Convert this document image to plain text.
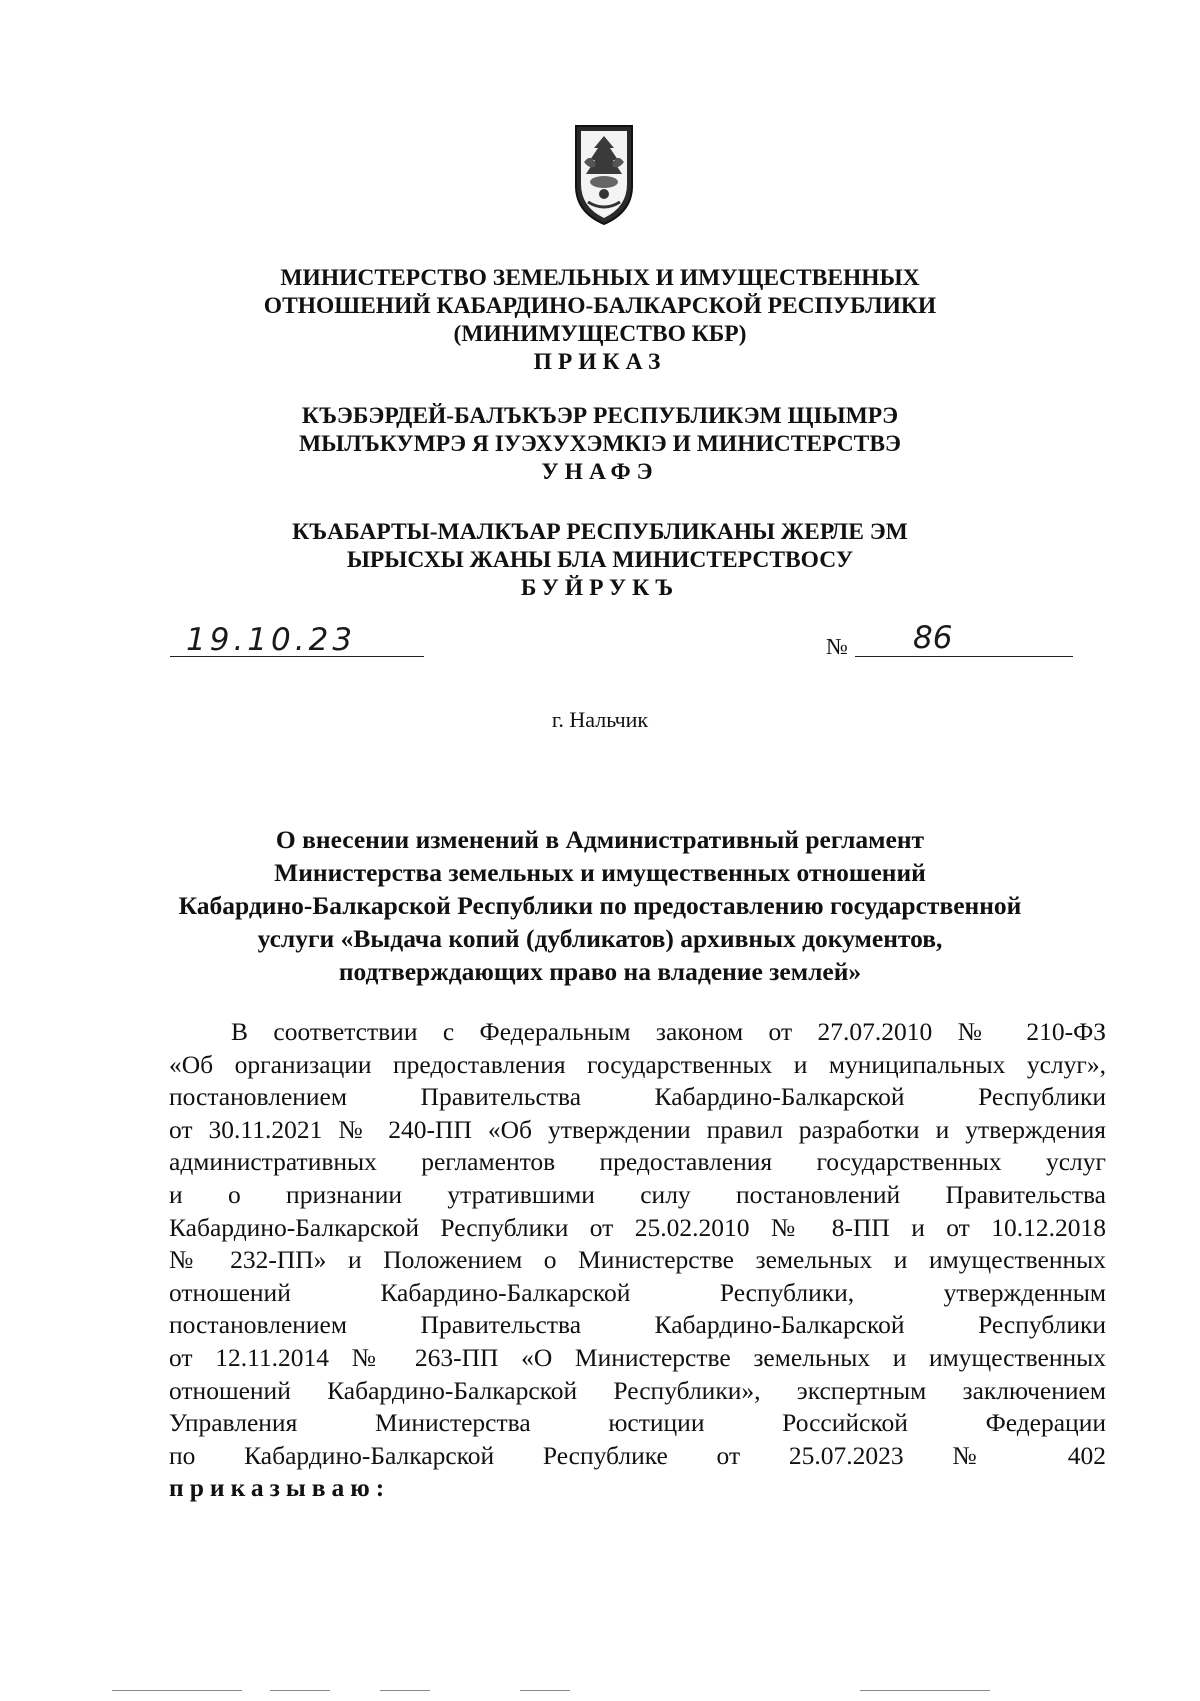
МИНИСТЕРСТВО ЗЕМЕЛЬНЫХ И ИМУЩЕСТВЕННЫХ
ОТНОШЕНИЙ КАБАРДИНО-БАЛКАРСКОЙ РЕСПУБЛИКИ
(МИНИМУЩЕСТВО КБР)
ПРИКАЗ
КЪЭБЭРДЕЙ-БАЛЪКЪЭР РЕСПУБЛИКЭМ ЩIЫМРЭ
МЫЛЪКУМРЭ Я IУЭХУХЭМКIЭ И МИНИСТЕРСТВЭ
УНАФЭ
КЪАБАРТЫ-МАЛКЪАР РЕСПУБЛИКАНЫ ЖЕРЛЕ ЭМ
ЫРЫСХЫ ЖАНЫ БЛА МИНИСТЕРСТВОСУ
БУЙРУКЪ
19.10.23	№ 86
г. Нальчик
О внесении изменений в Административный регламент
Министерства земельных и имущественных отношений
Кабардино-Балкарской Республики по предоставлению государственной
услуги «Выдача копий (дубликатов) архивных документов,
подтверждающих право на владение землей»
В соответствии с Федеральным законом от 27.07.2010 № 210-ФЗ
«Об организации предоставления государственных и муниципальных услуг»,
постановлением Правительства Кабардино-Балкарской Республики
от 30.11.2021 № 240-ПП «Об утверждении правил разработки и утверждения
административных регламентов предоставления государственных услуг
и о признании утратившими силу постановлений Правительства
Кабардино-Балкарской Республики от 25.02.2010 № 8-ПП и от 10.12.2018
№ 232-ПП» и Положением о Министерстве земельных и имущественных
отношений Кабардино-Балкарской Республики, утвержденным
постановлением Правительства Кабардино-Балкарской Республики
от 12.11.2014 № 263-ПП «О Министерстве земельных и имущественных
отношений Кабардино-Балкарской Республики», экспертным заключением
Управления Министерства юстиции Российской Федерации
по Кабардино-Балкарской Республике от 25.07.2023 № 402
приказываю:
